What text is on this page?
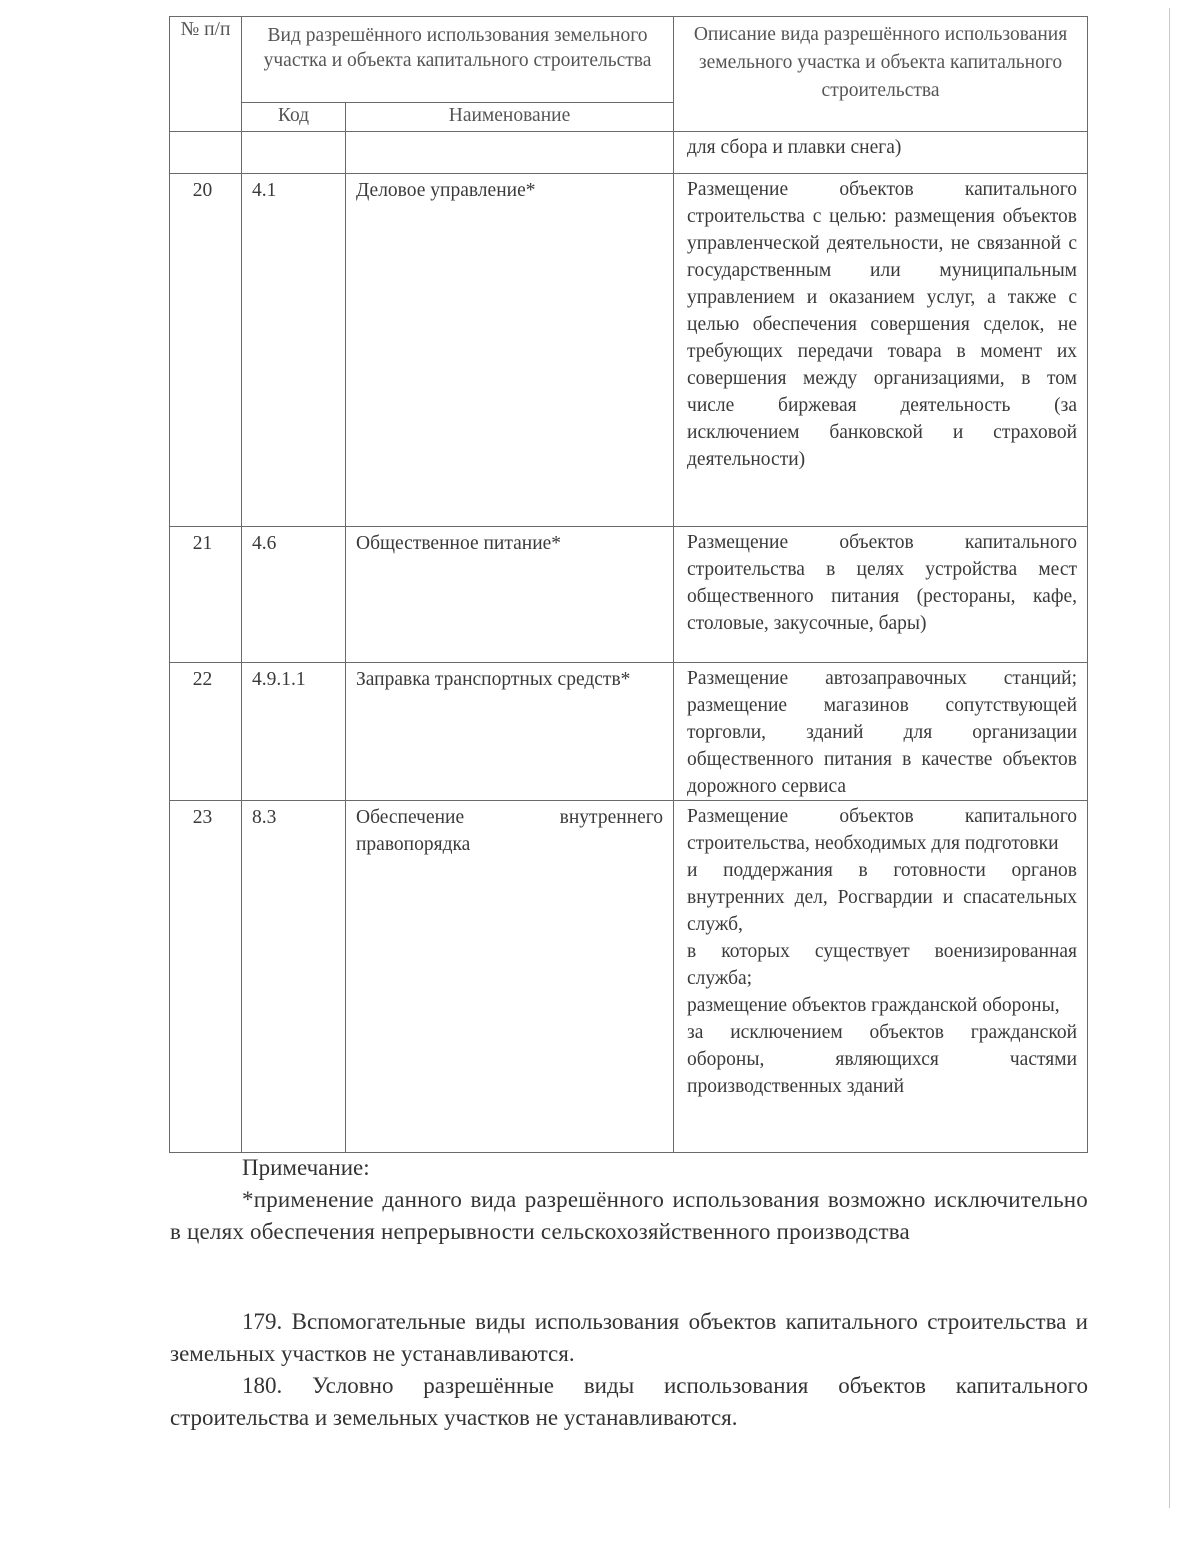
№ п/п	Вид разрешённого использования земельного участка и объекта капитального строительства		Описание вида разрешённого использования земельного участка и объекта капитального строительства
	Код	Наименование	
			для сбора и плавки снега)
20	4.1	Деловое управление*	Размещение объектов капитального строительства с целью: размещения объектов управленческой деятельности, не связанной с государственным или муниципальным управлением и оказанием услуг, а также с целью обеспечения совершения сделок, не требующих передачи товара в момент их совершения между организациями, в том числе биржевая деятельность (за исключением банковской и страховой деятельности)
21	4.6	Общественное питание*	Размещение объектов капитального строительства в целях устройства мест общественного питания (рестораны, кафе, столовые, закусочные, бары)
22	4.9.1.1	Заправка транспортных средств*	Размещение автозаправочных станций; размещение магазинов сопутствующей торговли, зданий для организации общественного питания в качестве объектов дорожного сервиса
23	8.3	Обеспечение внутреннего правопорядка	Размещение объектов капитального строительства, необходимых для подготовки
и поддержания в готовности органов внутренних дел, Росгвардии и спасательных служб,
в которых существует военизированная служба;
размещение объектов гражданской обороны,
за исключением объектов гражданской обороны, являющихся частями производственных зданий
Примечание:
*применение данного вида разрешённого использования возможно исключительно в целях обеспечения непрерывности сельскохозяйственного производства
179. Вспомогательные виды использования объектов капитального строительства и земельных участков не устанавливаются.
180. Условно разрешённые виды использования объектов капитального строительства и земельных участков не устанавливаются.
